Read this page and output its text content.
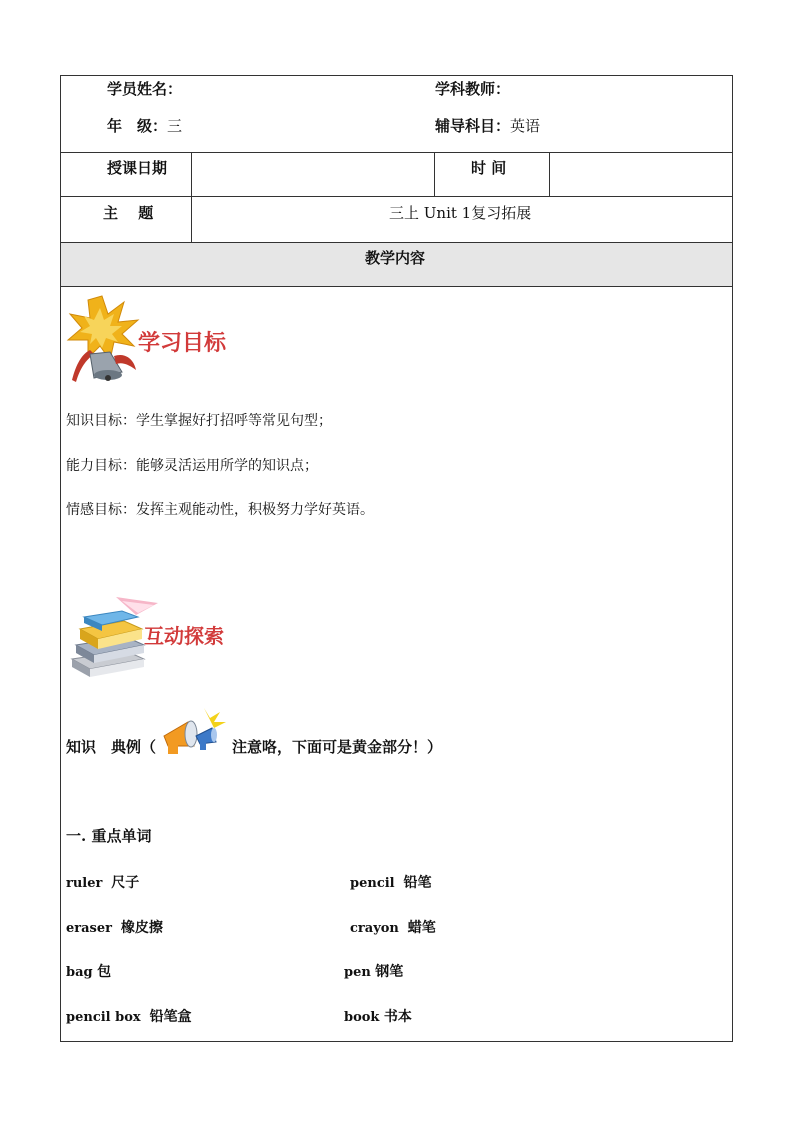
学员姓名：	学科教师：
年　级：三	辅导科目：英语
授课日期	时 间
主　 题	三上 Unit 1复习拓展
教学内容
学习目标
知识目标：学生掌握好打招呼等常见句型；
能力目标：能够灵活运用所学的知识点；
情感目标：发挥主观能动性，积极努力学好英语。
互动探索
知识　典例（	注意咯，下面可是黄金部分！）
一. 重点单词
ruler 尺子	pencil 铅笔
eraser 橡皮擦	crayon 蜡笔
bag 包	pen 钢笔
pencil box 铅笔盒	book 书本
